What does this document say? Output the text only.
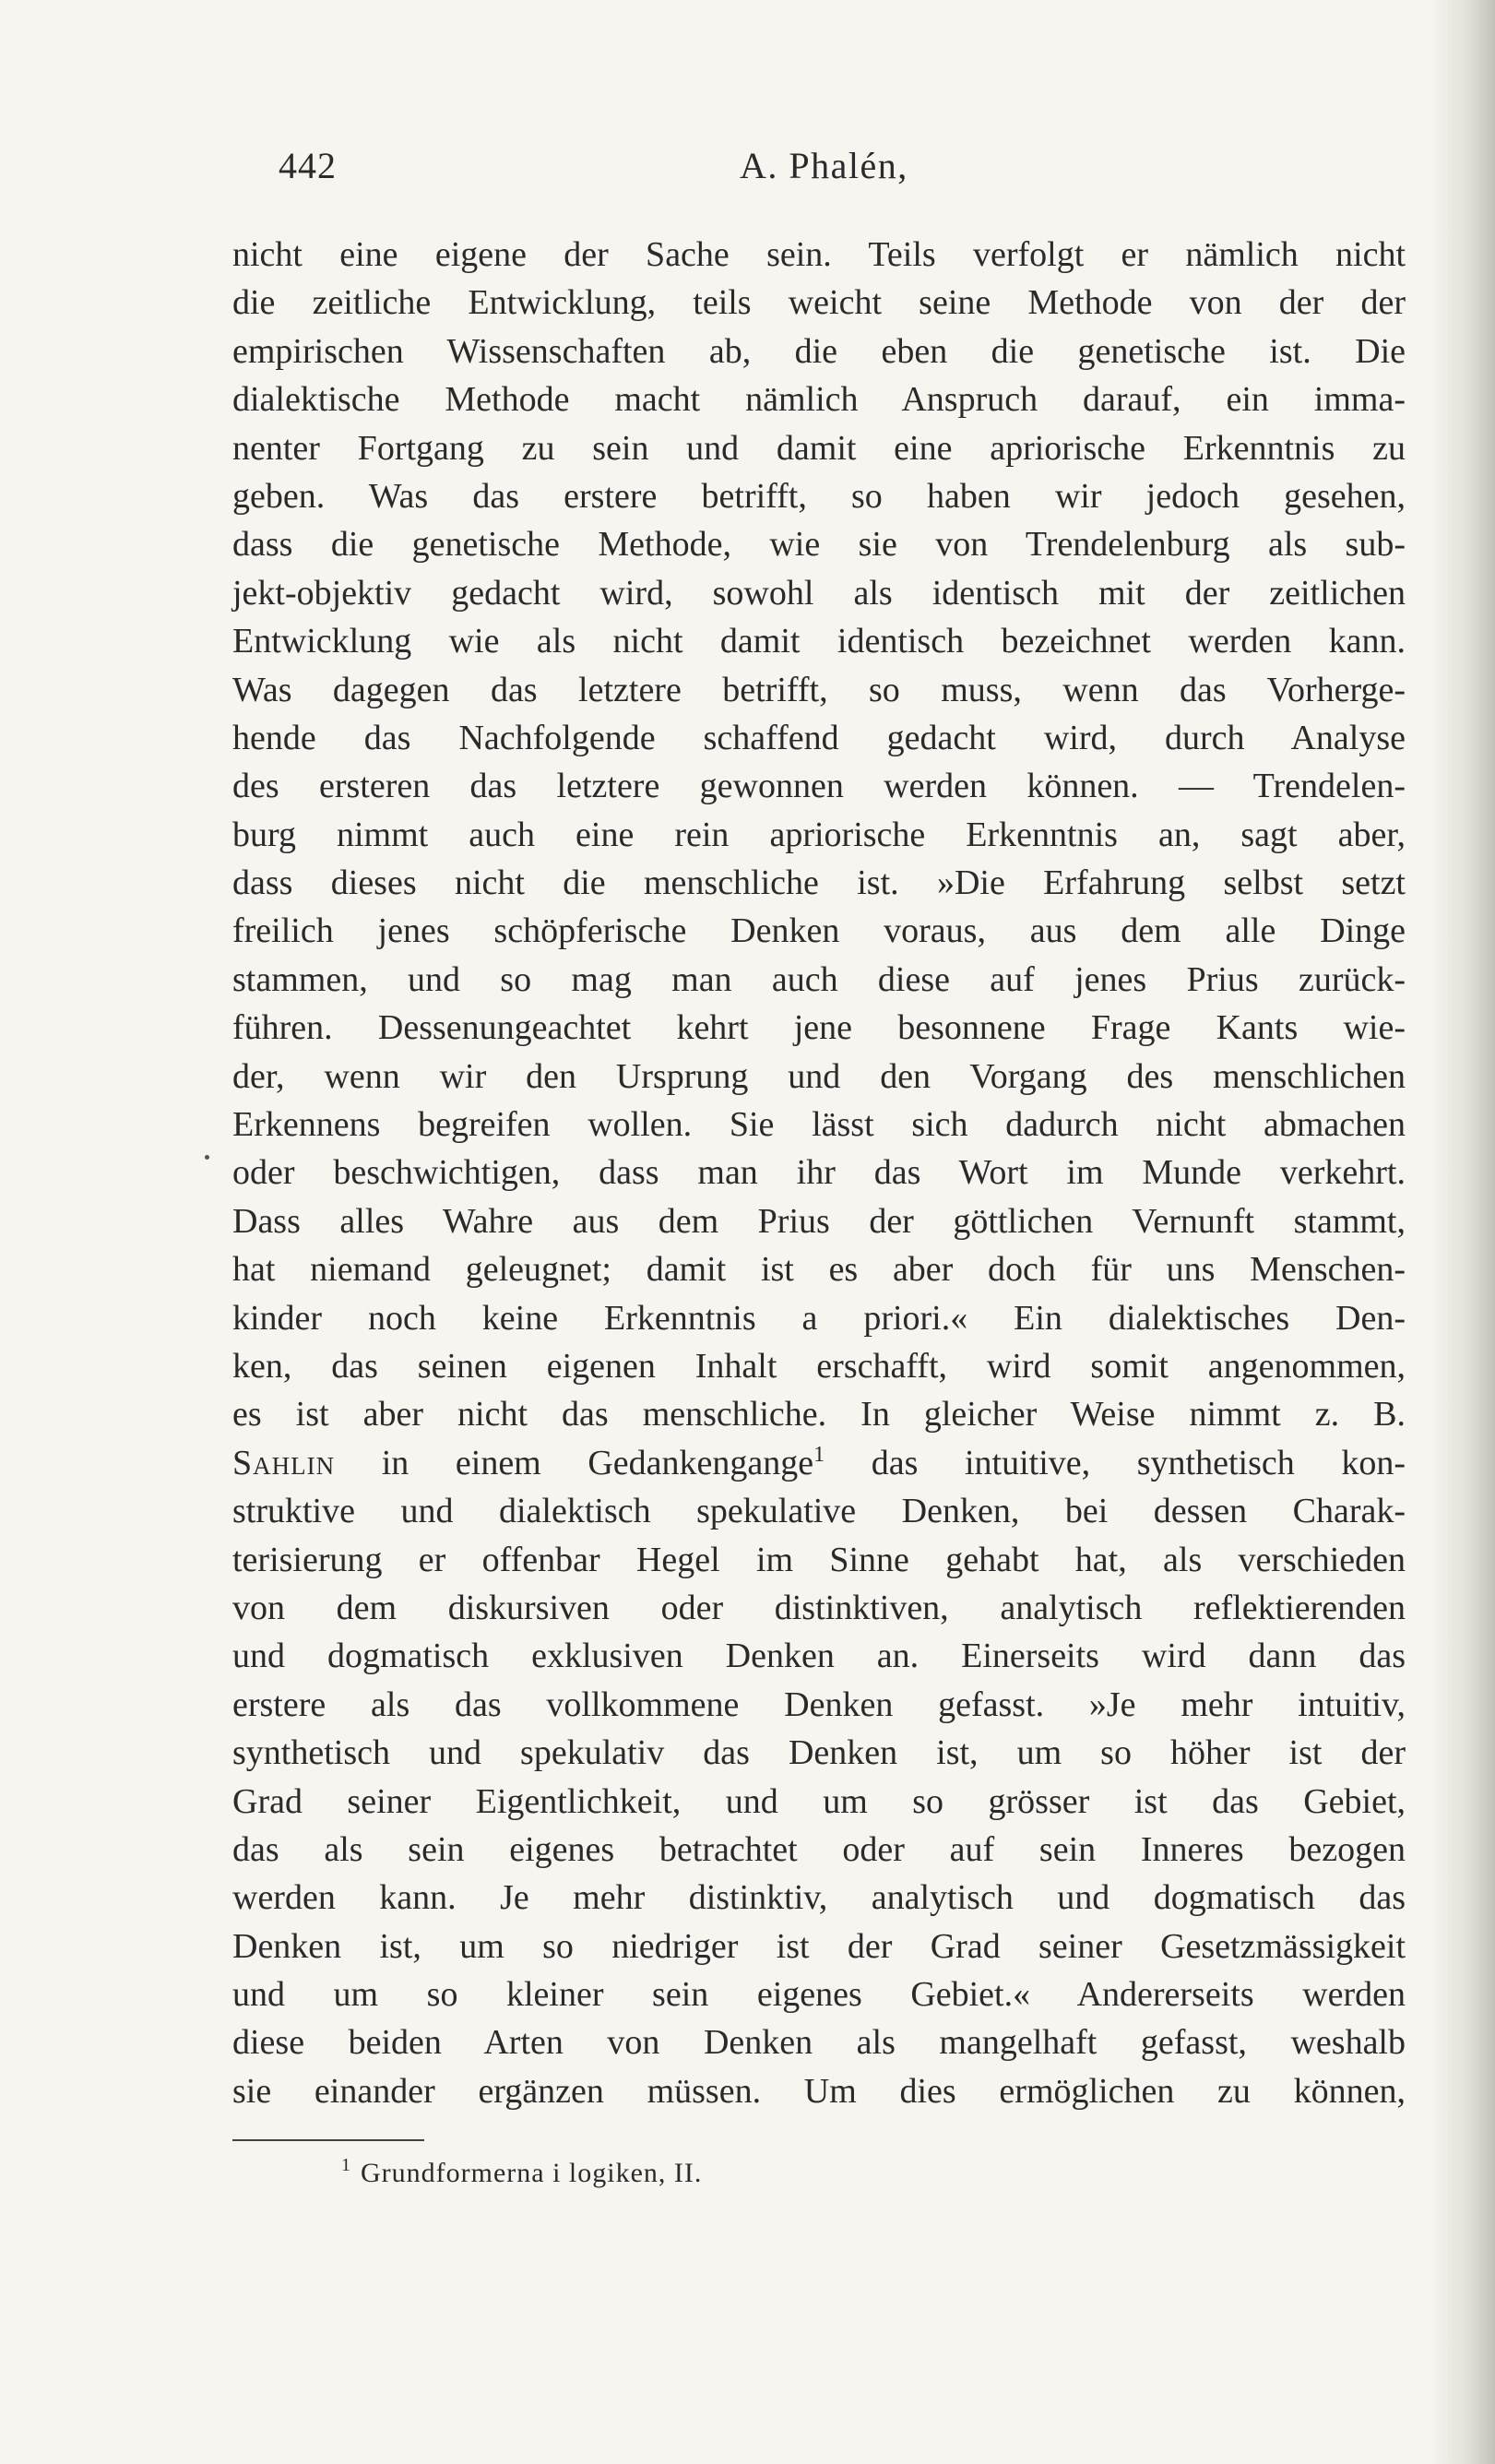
442	A. Phalén,
nicht eine eigene der Sache sein. Teils verfolgt er nämlich nicht
die zeitliche Entwicklung, teils weicht seine Methode von der der
empirischen Wissenschaften ab, die eben die genetische ist. Die
dialektische Methode macht nämlich Anspruch darauf, ein imma-
nenter Fortgang zu sein und damit eine apriorische Erkenntnis zu
geben. Was das erstere betrifft, so haben wir jedoch gesehen,
dass die genetische Methode, wie sie von Trendelenburg als sub-
jekt-objektiv gedacht wird, sowohl als identisch mit der zeitlichen
Entwicklung wie als nicht damit identisch bezeichnet werden kann.
Was dagegen das letztere betrifft, so muss, wenn das Vorherge-
hende das Nachfolgende schaffend gedacht wird, durch Analyse
des ersteren das letztere gewonnen werden können. — Trendelen-
burg nimmt auch eine rein apriorische Erkenntnis an, sagt aber,
dass dieses nicht die menschliche ist. »Die Erfahrung selbst setzt
freilich jenes schöpferische Denken voraus, aus dem alle Dinge
stammen, und so mag man auch diese auf jenes Prius zurück-
führen. Dessenungeachtet kehrt jene besonnene Frage Kants wie-
der, wenn wir den Ursprung und den Vorgang des menschlichen
Erkennens begreifen wollen. Sie lässt sich dadurch nicht abmachen
oder beschwichtigen, dass man ihr das Wort im Munde verkehrt.
Dass alles Wahre aus dem Prius der göttlichen Vernunft stammt,
hat niemand geleugnet; damit ist es aber doch für uns Menschen-
kinder noch keine Erkenntnis a priori.« Ein dialektisches Den-
ken, das seinen eigenen Inhalt erschafft, wird somit angenommen,
es ist aber nicht das menschliche. In gleicher Weise nimmt z. B.
Sahlin in einem Gedankengange$^1$ das intuitive, synthetisch kon-
struktive und dialektisch spekulative Denken, bei dessen Charak-
terisierung er offenbar Hegel im Sinne gehabt hat, als verschieden
von dem diskursiven oder distinktiven, analytisch reflektierenden
und dogmatisch exklusiven Denken an. Einerseits wird dann das
erstere als das vollkommene Denken gefasst. »Je mehr intuitiv,
synthetisch und spekulativ das Denken ist, um so höher ist der
Grad seiner Eigentlichkeit, und um so grösser ist das Gebiet,
das als sein eigenes betrachtet oder auf sein Inneres bezogen
werden kann. Je mehr distinktiv, analytisch und dogmatisch das
Denken ist, um so niedriger ist der Grad seiner Gesetzmässigkeit
und um so kleiner sein eigenes Gebiet.« Andererseits werden
diese beiden Arten von Denken als mangelhaft gefasst, weshalb
sie einander ergänzen müssen. Um dies ermöglichen zu können,
$^1$ Grundformerna i logiken, II.
